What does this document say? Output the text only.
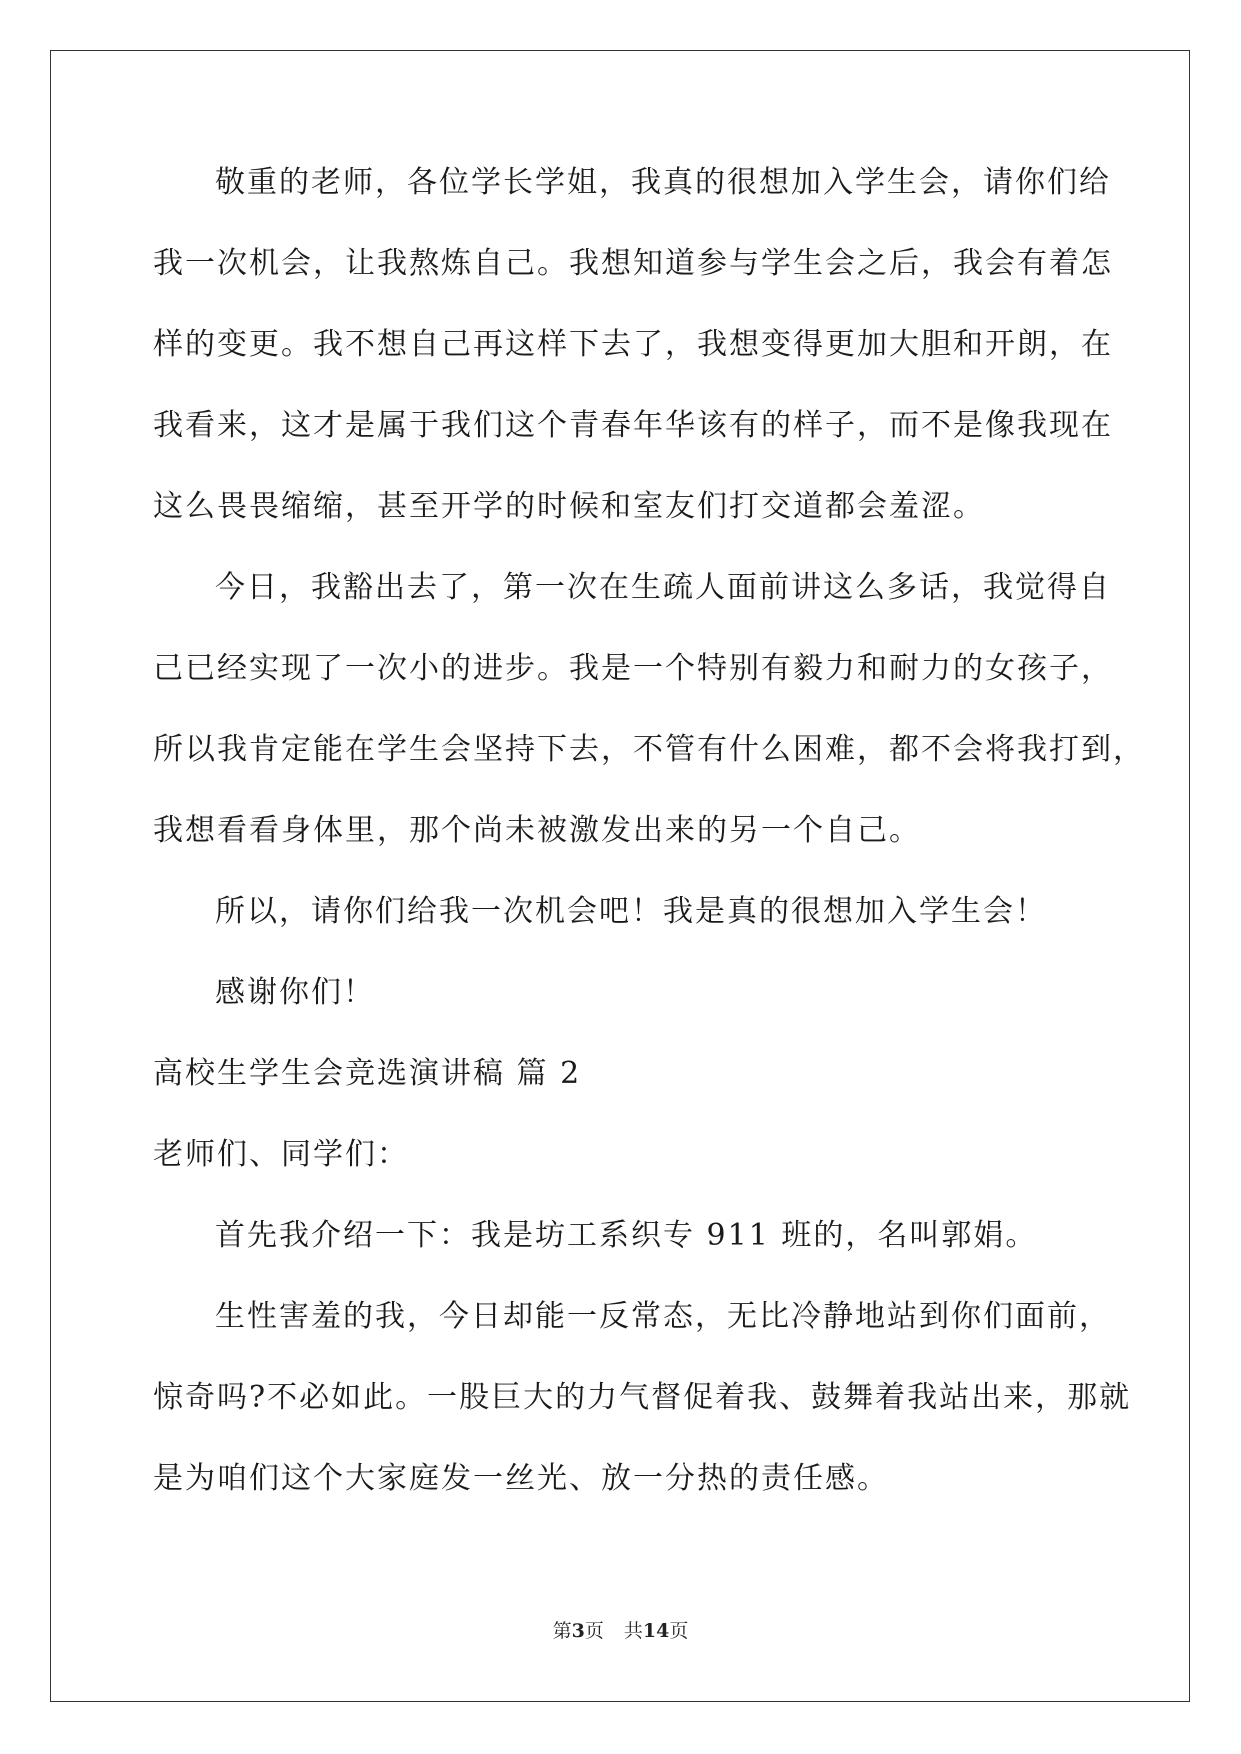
敬重的老师，各位学长学姐，我真的很想加入学生会，请你们给
我一次机会，让我熬炼自己。我想知道参与学生会之后，我会有着怎
样的变更。我不想自己再这样下去了，我想变得更加大胆和开朗，在
我看来，这才是属于我们这个青春年华该有的样子，而不是像我现在
这么畏畏缩缩，甚至开学的时候和室友们打交道都会羞涩。
今日，我豁出去了，第一次在生疏人面前讲这么多话，我觉得自
己已经实现了一次小的进步。我是一个特别有毅力和耐力的女孩子，
所以我肯定能在学生会坚持下去，不管有什么困难，都不会将我打到，
我想看看身体里，那个尚未被激发出来的另一个自己。
所以，请你们给我一次机会吧！我是真的很想加入学生会！
感谢你们！
高校生学生会竞选演讲稿 篇 2
老师们、同学们：
首先我介绍一下：我是坊工系织专 911 班的，名叫郭娟。
生性害羞的我，今日却能一反常态，无比冷静地站到你们面前，
惊奇吗?不必如此。一股巨大的力气督促着我、鼓舞着我站出来，那就
是为咱们这个大家庭发一丝光、放一分热的责任感。
第3页 共14页
